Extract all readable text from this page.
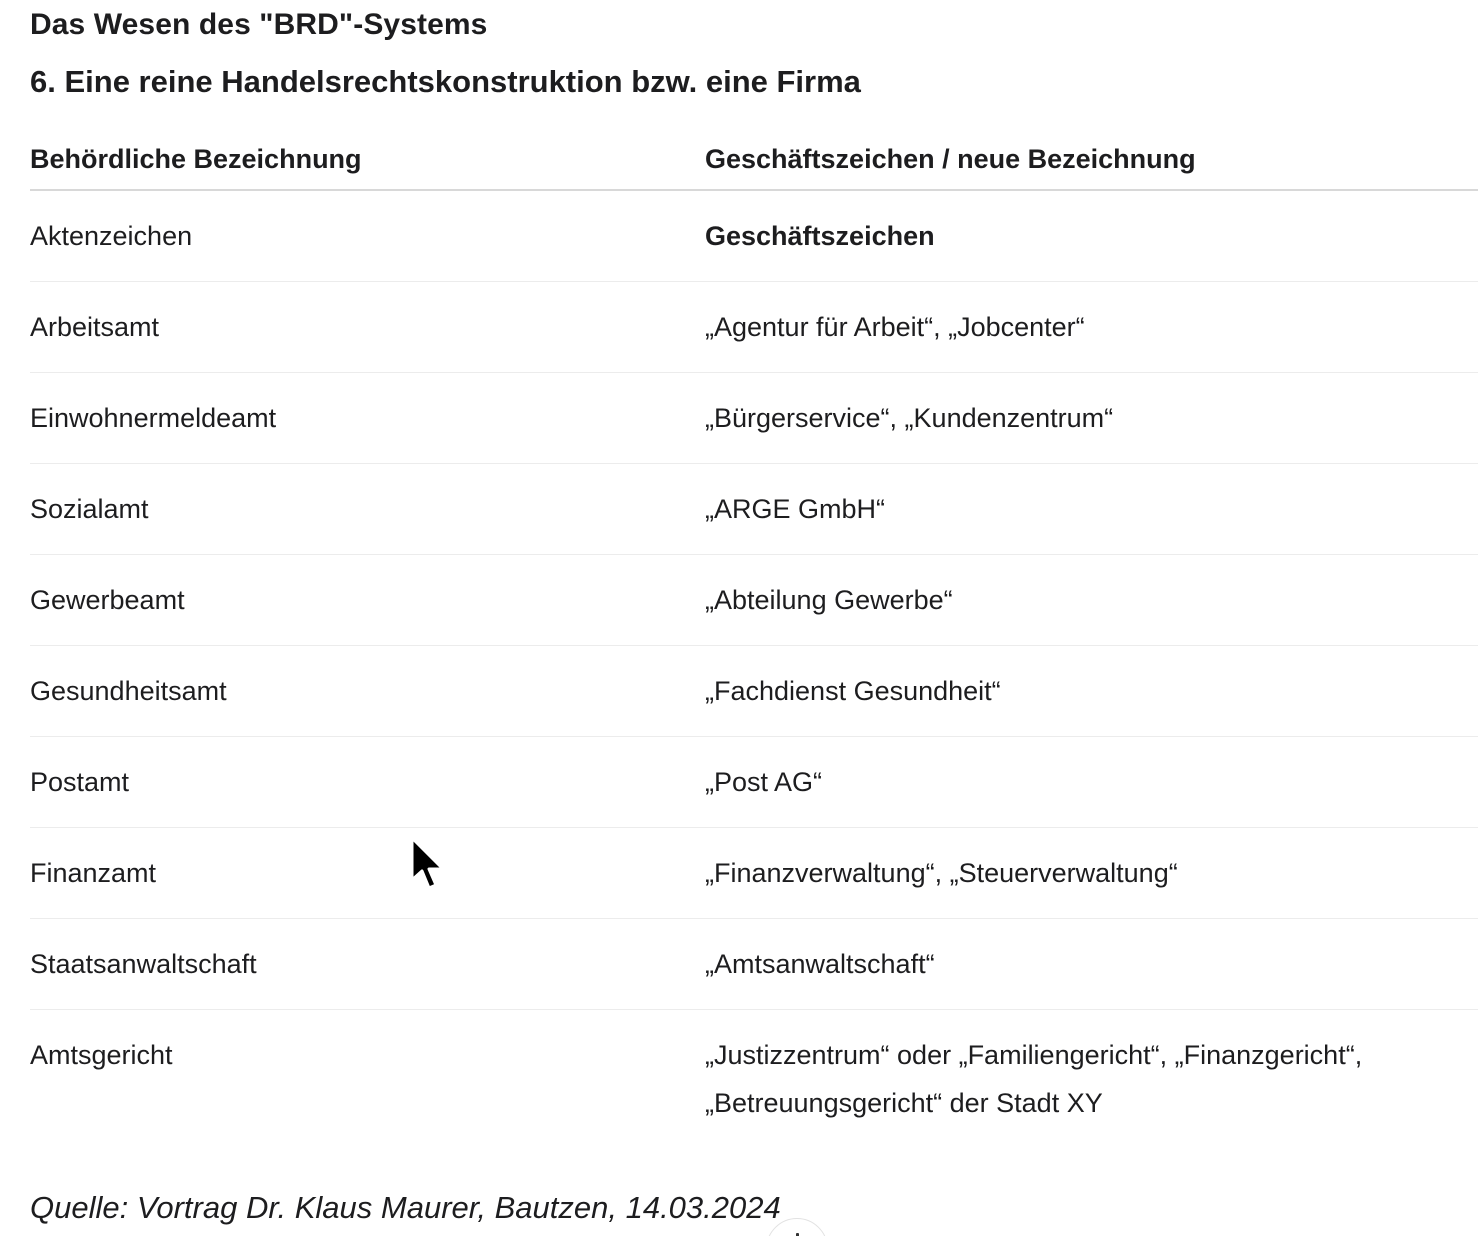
Das Wesen des "BRD"-Systems
6. Eine reine Handelsrechtskonstruktion bzw. eine Firma
Behördliche Bezeichnung	Geschäftszeichen / neue Bezeichnung
Aktenzeichen	Geschäftszeichen
Arbeitsamt	„Agentur für Arbeit“, „Jobcenter“
Einwohnermeldeamt	„Bürgerservice“, „Kundenzentrum“
Sozialamt	„ARGE GmbH“
Gewerbeamt	„Abteilung Gewerbe“
Gesundheitsamt	„Fachdienst Gesundheit“
Postamt	„Post AG“
Finanzamt	„Finanzverwaltung“, „Steuerverwaltung“
Staatsanwaltschaft	„Amtsanwaltschaft“
Amtsgericht	„Justizzentrum“ oder „Familiengericht“, „Finanzgericht“,
„Betreuungsgericht“ der Stadt XY

Quelle: Vortrag Dr. Klaus Maurer, Bautzen, 14.03.2024
